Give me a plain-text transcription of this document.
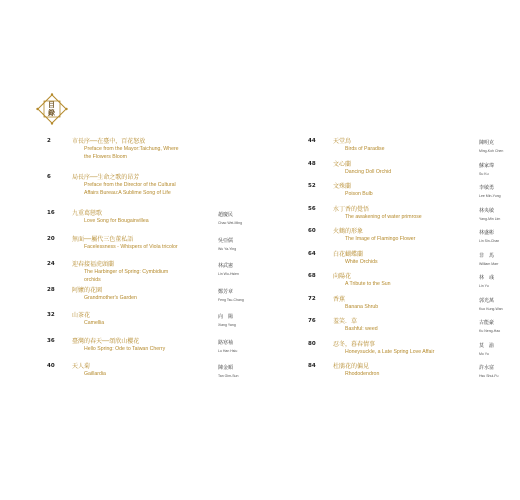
目 錄
2	市長序──在臺中，百花怒放
Preface from the Mayor:Taichung, Where
the Flowers Bloom
6	局長序──生命之歌的昂芳
Preface from the Director of the Cultural
Affairs Bureau:A Sublime Song of Life
16	九重葛戀歌
Love Song for Bougainvillea
趙慶民
Chao Wei-Ming
20	無面──屬代三色董私語
Facelessness - Whispers of Viola tricolor
吳亞儒
Wu Ya-Ying
24	迎春接福虎頭蘭
The Harbinger of Spring: Cymbidium
orchids
林武憲
Lin Wu-Hsien
28	阿嬤的花園
Grandmother's Garden
鄭芳章
Feng Tsu-Chang
32	山茶花
Camellia
向　陽
Xiang Yang
36	臺灣的春天──頌欣山櫻花
Hello Spring: Ode to Taiwan Cherry
路寒袖
Lu Han Hsiu
40	天人菊
Gaillardia
陳金順
Tan Gim-Sun
44	天堂鳥
Birds of Paradise
陳明克
Ming-Koh Chen
48	文心蘭
Dancing Doll Orchid
蘇家瑋
Su Ku
52	文殊蘭
Poison Bulb
李敏勇
Lee Min-Yung
56	水丁香的覺悟
The awakening of water primrose
林央敏
Yang-Min Lim
60	火鶴的形象
The Image of Flamingo Flower
林盛彬
Lin Sin-Chan
64	白花蝴蝶蘭
White Orchids
非　馬
William Marr
68	向陽花
A Tribute to the Sun
林　彧
Lin Yu
72	香蕉
Banana Shrub
郭光萬
Kuo Kung-Wan
76	羞笑．草
Bashful: weed
古能豪
Ku Neng-Hao
80	忍冬，暮春情事
Honeysuckle, a Late Spring Love Affair
莫　渝
Mo Yu
84	杜鵑花的偏見
Rhododendron
許水富
Hsu Shui-Fu
